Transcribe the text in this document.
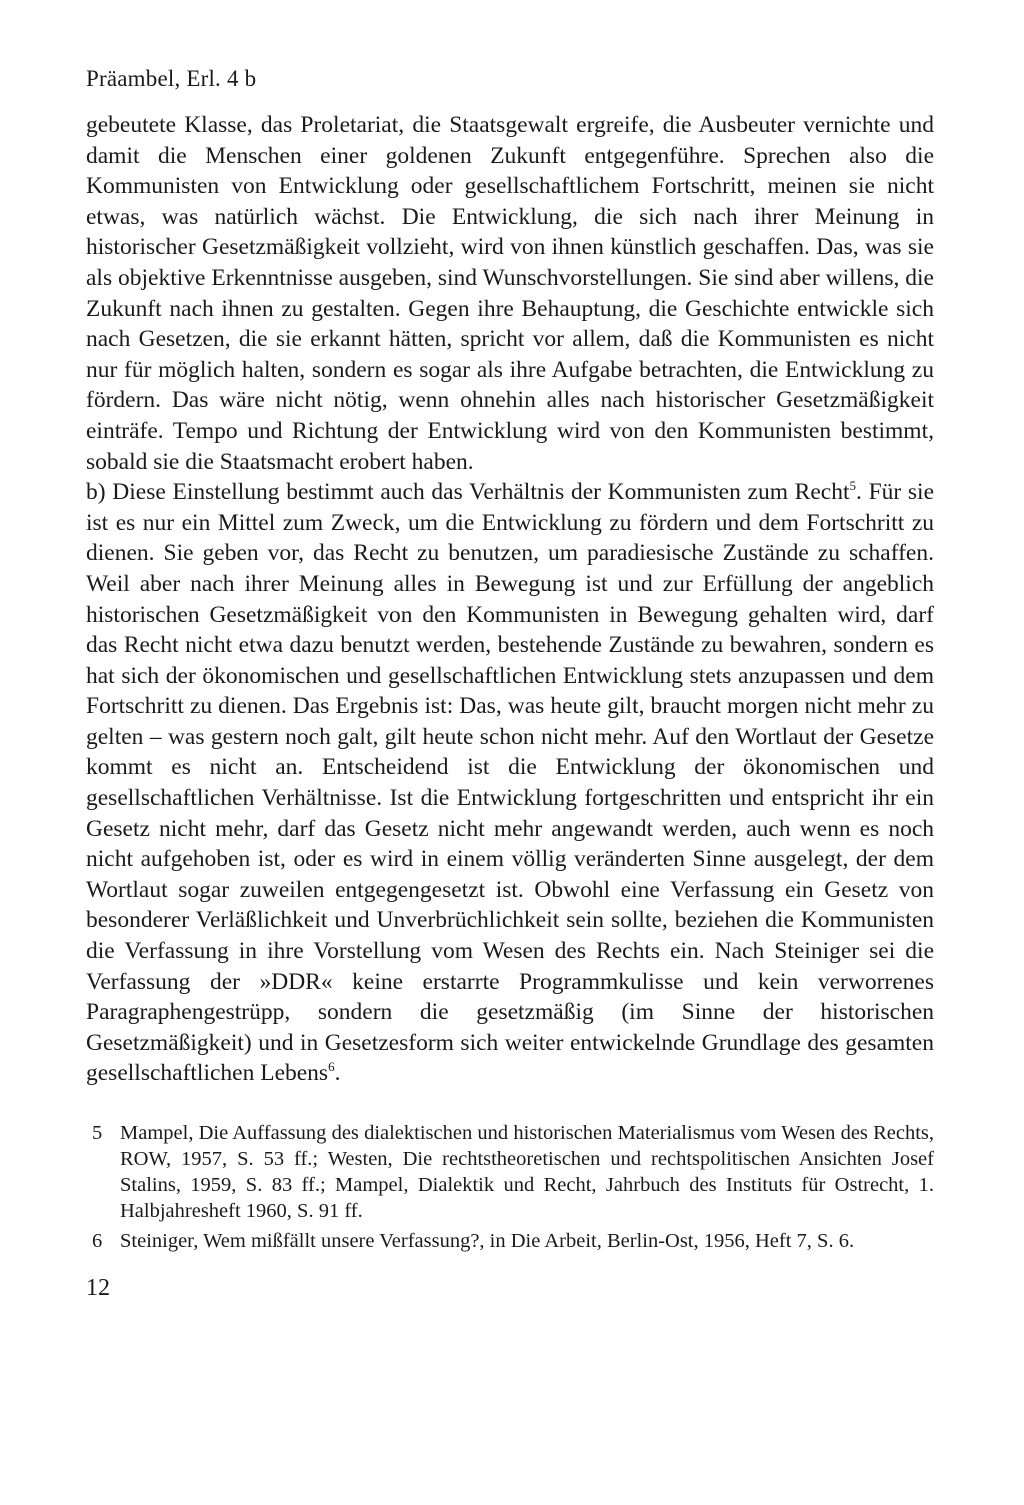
Präambel, Erl. 4 b

gebeutete Klasse, das Proletariat, die Staatsgewalt ergreife, die Ausbeuter vernichte und damit die Menschen einer goldenen Zukunft entgegenführe. Sprechen also die Kommunisten von Entwicklung oder gesellschaftlichem Fortschritt, meinen sie nicht etwas, was natürlich wächst. Die Entwicklung, die sich nach ihrer Meinung in historischer Gesetzmäßigkeit vollzieht, wird von ihnen künstlich geschaffen. Das, was sie als objektive Erkenntnisse ausgeben, sind Wunschvorstellungen. Sie sind aber willens, die Zukunft nach ihnen zu gestalten. Gegen ihre Behauptung, die Geschichte entwickle sich nach Gesetzen, die sie erkannt hätten, spricht vor allem, daß die Kommunisten es nicht nur für möglich halten, sondern es sogar als ihre Aufgabe betrachten, die Entwicklung zu fördern. Das wäre nicht nötig, wenn ohnehin alles nach historischer Gesetzmäßigkeit einträfe. Tempo und Richtung der Entwicklung wird von den Kommunisten bestimmt, sobald sie die Staatsmacht erobert haben.

b) Diese Einstellung bestimmt auch das Verhältnis der Kommunisten zum Recht$^5$. Für sie ist es nur ein Mittel zum Zweck, um die Entwicklung zu fördern und dem Fortschritt zu dienen. Sie geben vor, das Recht zu benutzen, um paradiesische Zustände zu schaffen. Weil aber nach ihrer Meinung alles in Bewegung ist und zur Erfüllung der angeblich historischen Gesetzmäßigkeit von den Kommunisten in Bewegung gehalten wird, darf das Recht nicht etwa dazu benutzt werden, bestehende Zustände zu bewahren, sondern es hat sich der ökonomischen und gesellschaftlichen Entwicklung stets anzupassen und dem Fortschritt zu dienen. Das Ergebnis ist: Das, was heute gilt, braucht morgen nicht mehr zu gelten – was gestern noch galt, gilt heute schon nicht mehr. Auf den Wortlaut der Gesetze kommt es nicht an. Entscheidend ist die Entwicklung der ökonomischen und gesellschaftlichen Verhältnisse. Ist die Entwicklung fortgeschritten und entspricht ihr ein Gesetz nicht mehr, darf das Gesetz nicht mehr angewandt werden, auch wenn es noch nicht aufgehoben ist, oder es wird in einem völlig veränderten Sinne ausgelegt, der dem Wortlaut sogar zuweilen entgegengesetzt ist. Obwohl eine Verfassung ein Gesetz von besonderer Verläßlichkeit und Unverbrüchlichkeit sein sollte, beziehen die Kommunisten die Verfassung in ihre Vorstellung vom Wesen des Rechts ein. Nach Steiniger sei die Verfassung der »DDR« keine erstarrte Programmkulisse und kein verworrenes Paragraphengestrüpp, sondern die gesetzmäßig (im Sinne der historischen Gesetzmäßigkeit) und in Gesetzesform sich weiter entwickelnde Grundlage des gesamten gesellschaftlichen Lebens$^6$.

5 Mampel, Die Auffassung des dialektischen und historischen Materialismus vom Wesen des Rechts, ROW, 1957, S. 53 ff.; Westen, Die rechtstheoretischen und rechtspolitischen Ansichten Josef Stalins, 1959, S. 83 ff.; Mampel, Dialektik und Recht, Jahrbuch des Instituts für Ostrecht, 1. Halbjahresheft 1960, S. 91 ff.
6 Steiniger, Wem mißfällt unsere Verfassung?, in Die Arbeit, Berlin-Ost, 1956, Heft 7, S. 6.
12
